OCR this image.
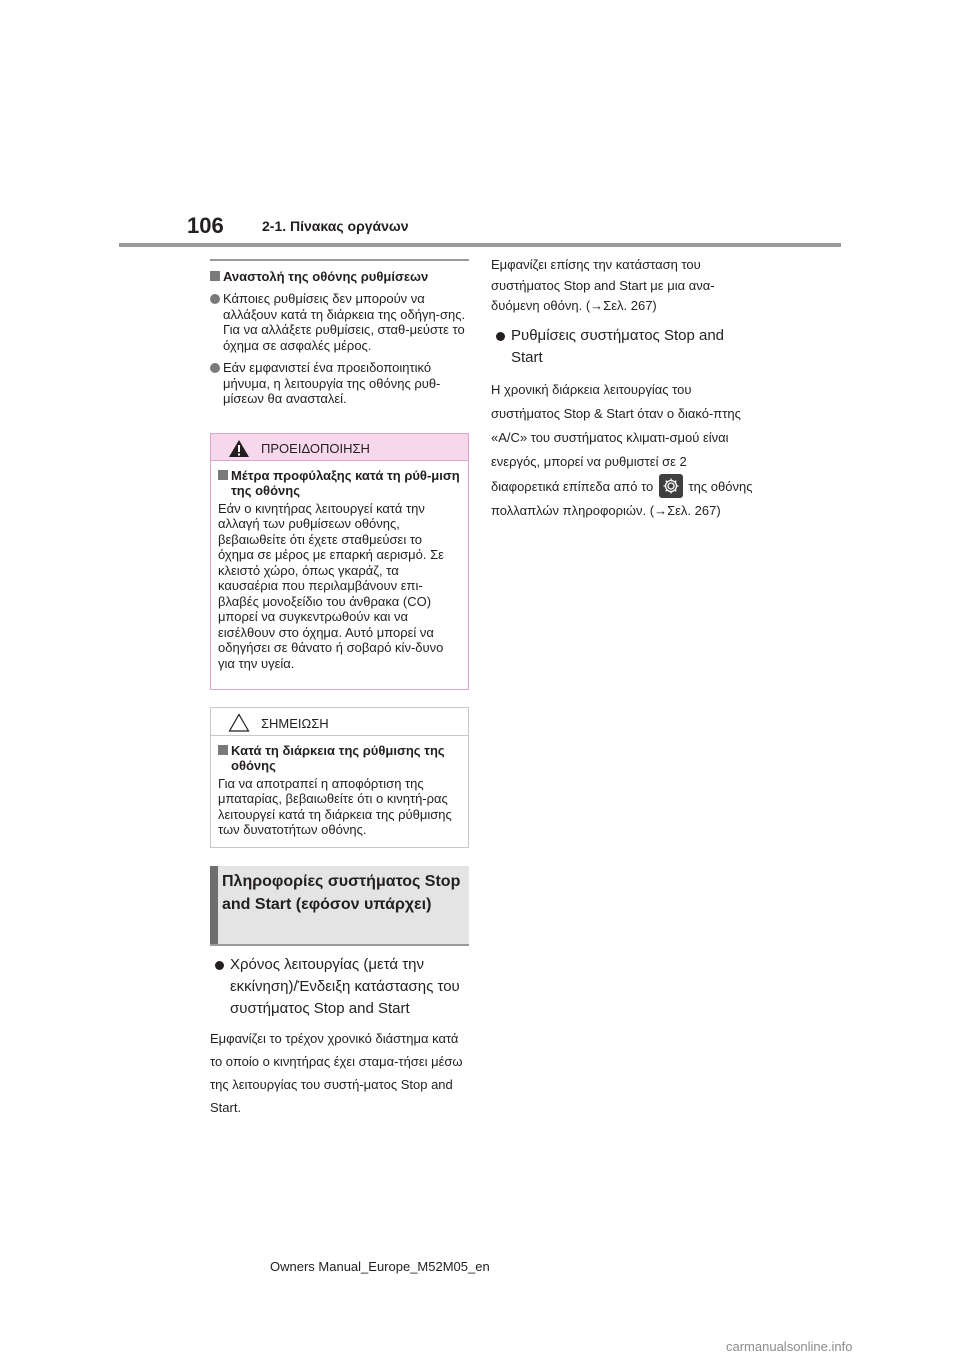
106	2-1. Πίνακας οργάνων
Αναστολή της οθόνης ρυθμίσεων
Κάποιες ρυθμίσεις δεν μπορούν να αλλάξουν κατά τη διάρκεια της οδήγη-σης. Για να αλλάξετε ρυθμίσεις, σταθ-μεύστε το όχημα σε ασφαλές μέρος.
Εάν εμφανιστεί ένα προειδοποιητικό μήνυμα, η λειτουργία της οθόνης ρυθ-μίσεων θα ανασταλεί.
ΠΡΟΕΙΔΟΠΟΙΗΣΗ
Μέτρα προφύλαξης κατά τη ρύθ-μιση της οθόνης
Εάν ο κινητήρας λειτουργεί κατά την αλλαγή των ρυθμίσεων οθόνης, βεβαιωθείτε ότι έχετε σταθμεύσει το όχημα σε μέρος με επαρκή αερισμό. Σε κλειστό χώρο, όπως γκαράζ, τα καυσαέρια που περιλαμβάνουν επι-βλαβές μονοξείδιο του άνθρακα (CO) μπορεί να συγκεντρωθούν και να εισέλθουν στο όχημα. Αυτό μπορεί να οδηγήσει σε θάνατο ή σοβαρό κίν-δυνο για την υγεία.
ΣΗΜΕΙΩΣΗ
Κατά τη διάρκεια της ρύθμισης της οθόνης
Για να αποτραπεί η αποφόρτιση της μπαταρίας, βεβαιωθείτε ότι ο κινητή-ρας λειτουργεί κατά τη διάρκεια της ρύθμισης των δυνατοτήτων οθόνης.
Πληροφορίες συστήματος Stop and Start (εφόσον υπάρχει)
Χρόνος λειτουργίας (μετά την εκκίνηση)/Ένδειξη κατάστασης του συστήματος Stop and Start
Εμφανίζει το τρέχον χρονικό διάστημα κατά το οποίο ο κινητήρας έχει σταμα-τήσει μέσω της λειτουργίας του συστή-ματος Stop and Start.
Εμφανίζει επίσης την κατάσταση του συστήματος Stop and Start με μια ανα-δυόμενη οθόνη. (→Σελ. 267)
Ρυθμίσεις συστήματος Stop and Start
Η χρονική διάρκεια λειτουργίας του συστήματος Stop & Start όταν ο διακό-πτης «A/C» του συστήματος κλιματι-σμού είναι ενεργός, μπορεί να ρυθμιστεί σε 2 διαφορετικά επίπεδα από το	της οθόνης πολλαπλών πληροφοριών. (→Σελ. 267)
Owners Manual_Europe_M52M05_en
carmanualsonline.info
